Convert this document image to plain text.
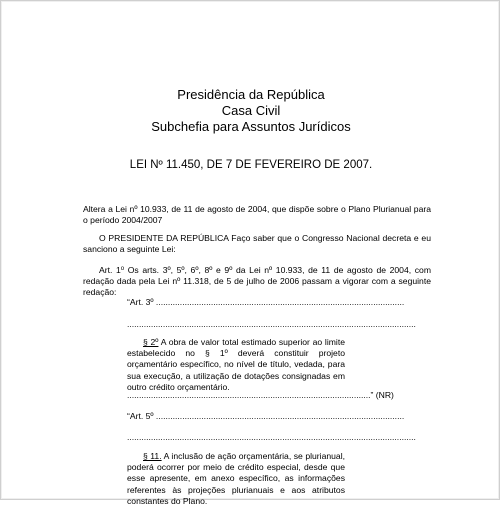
Presidência da República
Casa Civil
Subchefia para Assuntos Jurídicos
LEI Nº 11.450, DE 7 DE FEVEREIRO DE 2007.

Altera a Lei nº 10.933, de 11 de agosto de 2004, que dispõe sobre o Plano Plurianual para o período 2004/2007

O PRESIDENTE DA REPÚBLICA Faço saber que o Congresso Nacional decreta e eu sanciono a seguinte Lei:

Art. 1$^o$ Os arts. 3º, 5º, 6º, 8º e 9º da Lei nº 10.933, de 11 de agosto de 2004, com redação dada pela Lei nº 11.318, de 5 de julho de 2006 passam a vigorar com a seguinte redação:

“Art. 3º ........................................................................................................
.........................................................................................................................

§ 2º A obra de valor total estimado superior ao limite estabelecido no § 1º deverá constituir projeto orçamentário específico, no nível de título, vedada, para sua execução, a utilização de dotações consignadas em outro crédito orçamentário.

......................................................................................................” (NR)
“Art. 5º ........................................................................................................
.........................................................................................................................

§ 11. A inclusão de ação orçamentária, se plurianual, poderá ocorrer por meio de crédito especial, desde que esse apresente, em anexo específico, as informações referentes às projeções plurianuais e aos atributos constantes do Plano.
